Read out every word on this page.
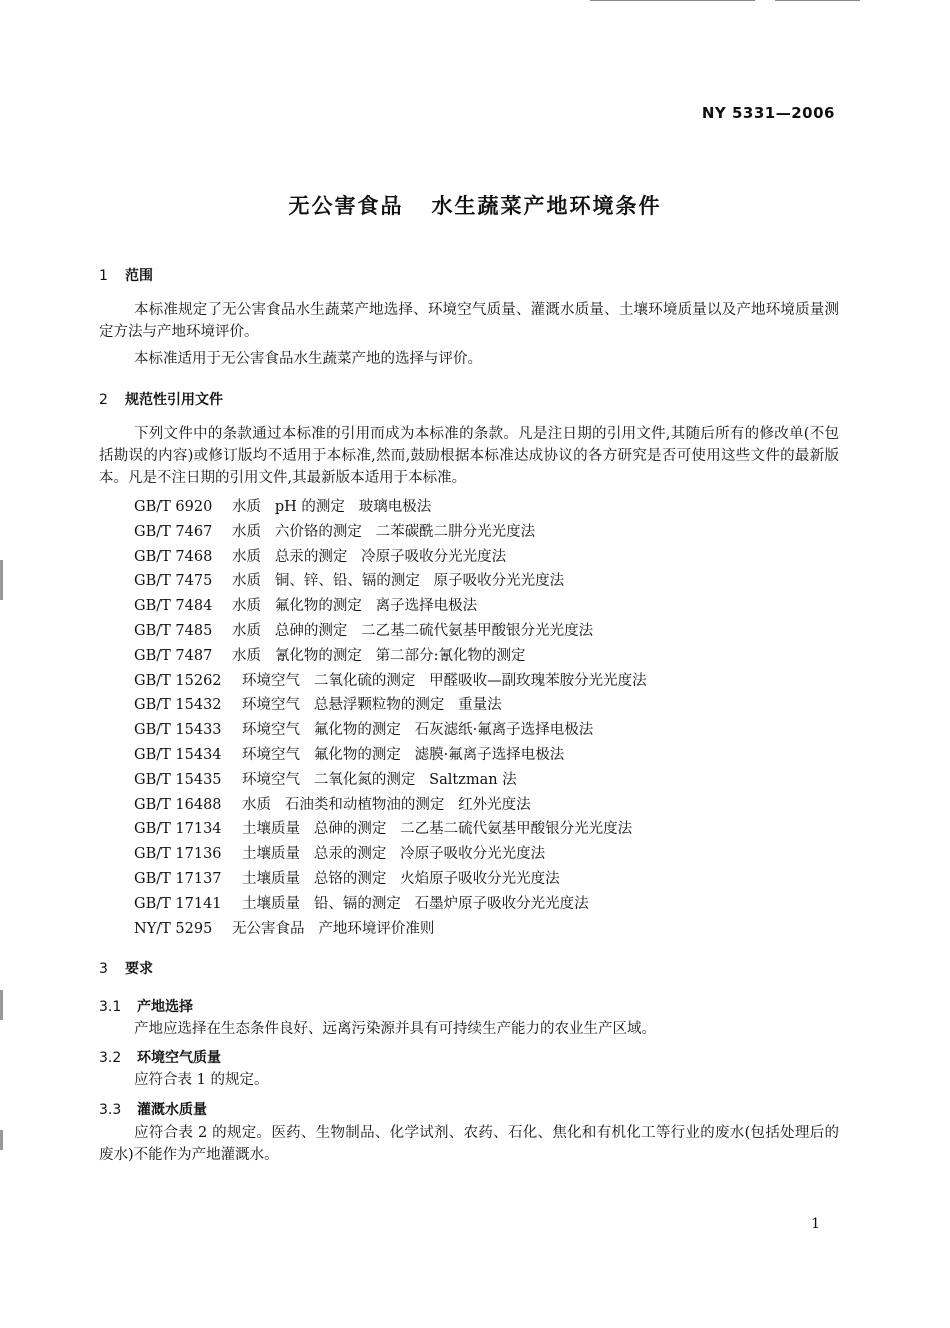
NY 5331—2006
无公害食品   水生蔬菜产地环境条件
1 范围
本标准规定了无公害食品水生蔬菜产地选择、环境空气质量、灌溉水质量、土壤环境质量以及产地环境质量测定方法与产地环境评价。
本标准适用于无公害食品水生蔬菜产地的选择与评价。
2 规范性引用文件
下列文件中的条款通过本标准的引用而成为本标准的条款。凡是注日期的引用文件,其随后所有的修改单(不包括勘误的内容)或修订版均不适用于本标准,然而,鼓励根据本标准达成协议的各方研究是否可使用这些文件的最新版本。凡是不注日期的引用文件,其最新版本适用于本标准。
GB/T 6920 水质   pH 的测定   玻璃电极法
GB/T 7467 水质   六价铬的测定   二苯碳酰二肼分光光度法
GB/T 7468 水质   总汞的测定   冷原子吸收分光光度法
GB/T 7475 水质   铜、锌、铅、镉的测定   原子吸收分光光度法
GB/T 7484 水质   氟化物的测定   离子选择电极法
GB/T 7485 水质   总砷的测定   二乙基二硫代氨基甲酸银分光光度法
GB/T 7487 水质   氰化物的测定   第二部分:氰化物的测定
GB/T 15262 环境空气   二氧化硫的测定   甲醛吸收—副玫瑰苯胺分光光度法
GB/T 15432 环境空气   总悬浮颗粒物的测定   重量法
GB/T 15433 环境空气   氟化物的测定   石灰滤纸·氟离子选择电极法
GB/T 15434 环境空气   氟化物的测定   滤膜·氟离子选择电极法
GB/T 15435 环境空气   二氧化氮的测定   Saltzman 法
GB/T 16488 水质   石油类和动植物油的测定   红外光度法
GB/T 17134 土壤质量   总砷的测定   二乙基二硫代氨基甲酸银分光光度法
GB/T 17136 土壤质量   总汞的测定   冷原子吸收分光光度法
GB/T 17137 土壤质量   总铬的测定   火焰原子吸收分光光度法
GB/T 17141 土壤质量   铅、镉的测定   石墨炉原子吸收分光光度法
NY/T 5295 无公害食品   产地环境评价准则
3 要求
3.1 产地选择
产地应选择在生态条件良好、远离污染源并具有可持续生产能力的农业生产区域。
3.2 环境空气质量
应符合表 1 的规定。
3.3 灌溉水质量
应符合表 2 的规定。医药、生物制品、化学试剂、农药、石化、焦化和有机化工等行业的废水(包括处理后的废水)不能作为产地灌溉水。
1
